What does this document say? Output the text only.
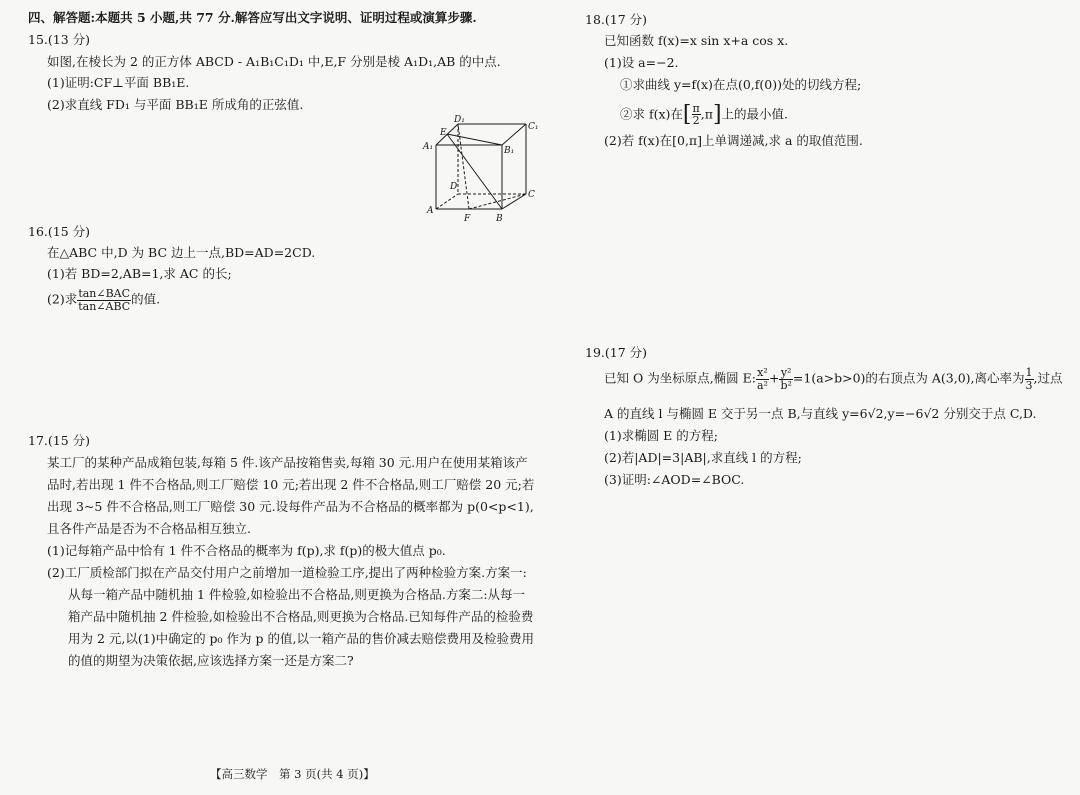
四、解答题:本题共 5 小题,共 77 分.解答应写出文字说明、证明过程或演算步骤.
15.(13 分)
如图,在棱长为 2 的正方体 ABCD - A₁B₁C₁D₁ 中,E,F 分别是棱 A₁D₁,AB 的中点.
(1)证明:CF⊥平面 BB₁E.
(2)求直线 FD₁ 与平面 BB₁E 所成角的正弦值.
D₁
C₁
E
A₁	B₁
D
C
A
F	B
16.(15 分)
在△ABC 中,D 为 BC 边上一点,BD=AD=2CD.
(1)若 BD=2,AB=1,求 AC 的长;
(2)求 $\frac{\text{tan∠BAC}}{\text{tan∠ABC}}$ 的值.
17.(15 分)
某工厂的某种产品成箱包装,每箱 5 件.该产品按箱售卖,每箱 30 元.用户在使用某箱该产
品时,若出现 1 件不合格品,则工厂赔偿 10 元;若出现 2 件不合格品,则工厂赔偿 20 元;若
出现 3~5 件不合格品,则工厂赔偿 30 元.设每件产品为不合格品的概率都为 p(0<p<1),
且各件产品是否为不合格品相互独立.
(1)记每箱产品中恰有 1 件不合格品的概率为 f(p),求 f(p)的极大值点 p₀.
(2)工厂质检部门拟在产品交付用户之前增加一道检验工序,提出了两种检验方案.方案一:
从每一箱产品中随机抽 1 件检验,如检验出不合格品,则更换为合格品.方案二:从每一
箱产品中随机抽 2 件检验,如检验出不合格品,则更换为合格品.已知每件产品的检验费
用为 2 元,以(1)中确定的 p₀ 作为 p 的值,以一箱产品的售价减去赔偿费用及检验费用
的值的期望为决策依据,应该选择方案一还是方案二?
18.(17 分)
已知函数 f(x)=x sin x+a cos x.
(1)设 a=−2.
①求曲线 y=f(x)在点(0,f(0))处的切线方程;
②求 f(x)在[ $\frac{\pi}{2} ,\pi$]上的最小值.
(2)若 f(x)在[0,π]上单调递减,求 a 的取值范围.
19.(17 分)
已知 O 为坐标原点,椭圆 E: $\frac{\text{x²}}{\text{a²}} + \frac{\text{y²}}{\text{b²}} =1(a>b>0)$的右顶点为 A(3,0),离心率为 $\frac{1}{3}$ ,过点
A 的直线 l 与椭圆 E 交于另一点 B,与直线 y=6√2,y=−6√2 分别交于点 C,D.
(1)求椭圆 E 的方程;
(2)若|AD|=3|AB|,求直线 l 的方程;
(3)证明:∠AOD=∠BOC.
【高三数学　第 3 页(共 4 页)】
